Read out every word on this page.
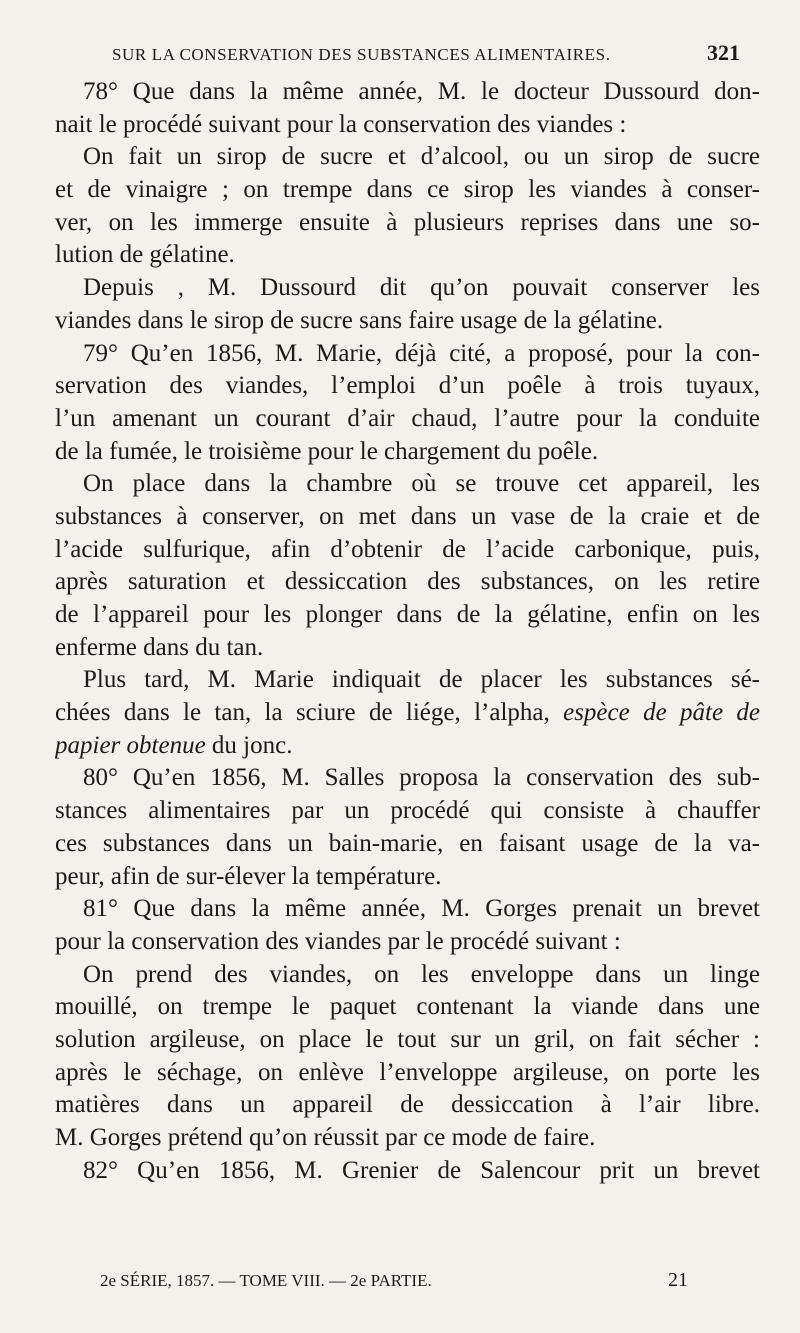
SUR LA CONSERVATION DES SUBSTANCES ALIMENTAIRES.	321
78° Que dans la même année, M. le docteur Dussourd don-
nait le procédé suivant pour la conservation des viandes :
On fait un sirop de sucre et d’alcool, ou un sirop de sucre
et de vinaigre ; on trempe dans ce sirop les viandes à conser-
ver, on les immerge ensuite à plusieurs reprises dans une so-
lution de gélatine.
Depuis , M. Dussourd dit qu’on pouvait conserver les
viandes dans le sirop de sucre sans faire usage de la gélatine.
79° Qu’en 1856, M. Marie, déjà cité, a proposé, pour la con-
servation des viandes, l’emploi d’un poêle à trois tuyaux,
l’un amenant un courant d’air chaud, l’autre pour la conduite
de la fumée, le troisième pour le chargement du poêle.
On place dans la chambre où se trouve cet appareil, les
substances à conserver, on met dans un vase de la craie et de
l’acide sulfurique, afin d’obtenir de l’acide carbonique, puis,
après saturation et dessiccation des substances, on les retire
de l’appareil pour les plonger dans de la gélatine, enfin on les
enferme dans du tan.
Plus tard, M. Marie indiquait de placer les substances sé-
chées dans le tan, la sciure de liége, l’alpha, espèce de pâte de
papier obtenue du jonc.
80° Qu’en 1856, M. Salles proposa la conservation des sub-
stances alimentaires par un procédé qui consiste à chauffer
ces substances dans un bain-marie, en faisant usage de la va-
peur, afin de sur-élever la température.
81° Que dans la même année, M. Gorges prenait un brevet
pour la conservation des viandes par le procédé suivant :
On prend des viandes, on les enveloppe dans un linge
mouillé, on trempe le paquet contenant la viande dans une
solution argileuse, on place le tout sur un gril, on fait sécher :
après le séchage, on enlève l’enveloppe argileuse, on porte les
matières dans un appareil de dessiccation à l’air libre.
M. Gorges prétend qu’on réussit par ce mode de faire.
82° Qu’en 1856, M. Grenier de Salencour prit un brevet
2e SÉRIE, 1857. — TOME VIII. — 2e PARTIE.	21
